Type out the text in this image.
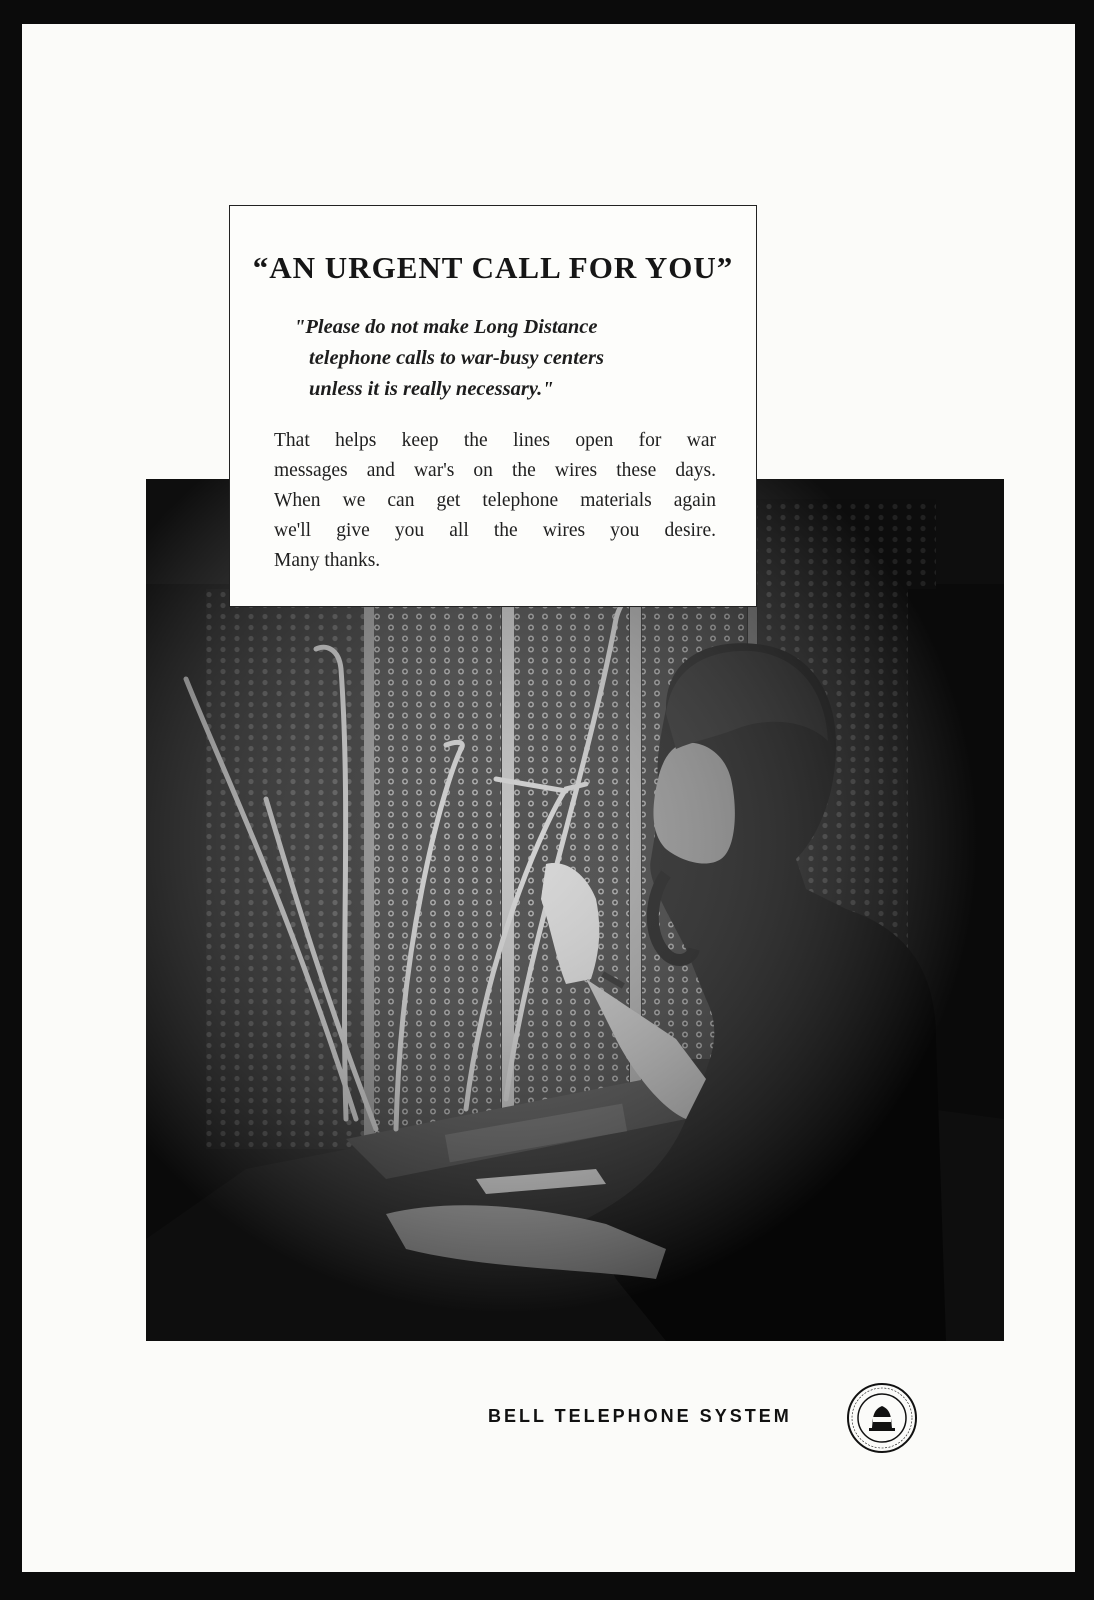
“AN URGENT CALL FOR YOU”
"Please do not make Long Distance
telephone calls to war-busy centers
unless it is really necessary."
That helps keep the lines open for war
messages and war's on the wires these days.
When we can get telephone materials again
we'll give you all the wires you desire.
Many thanks.
BELL TELEPHONE SYSTEM
